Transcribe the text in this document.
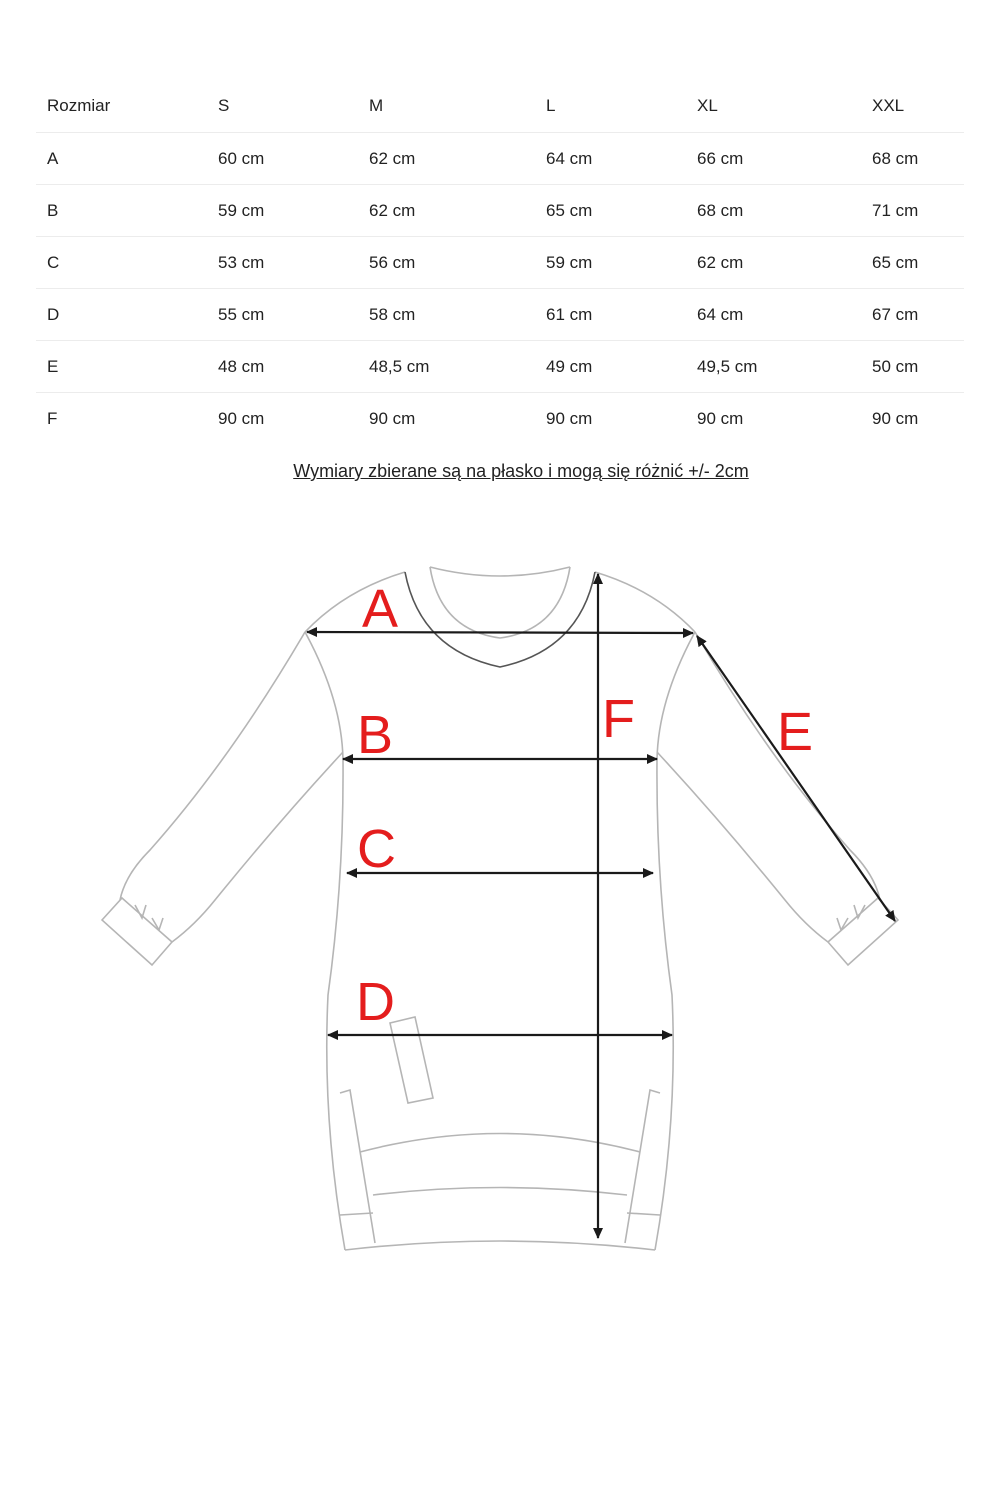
Rozmiar	S	M	L	XL	XXL
A	60 cm	62 cm	64 cm	66 cm	68 cm
B	59 cm	62 cm	65 cm	68 cm	71 cm
C	53 cm	56 cm	59 cm	62 cm	65 cm
D	55 cm	58 cm	61 cm	64 cm	67 cm
E	48 cm	48,5 cm	49 cm	49,5 cm	50 cm
F	90 cm	90 cm	90 cm	90 cm	90 cm
Wymiary zbierane są na płasko i mogą się różnić +/- 2cm
A
B
C
D
F	E
